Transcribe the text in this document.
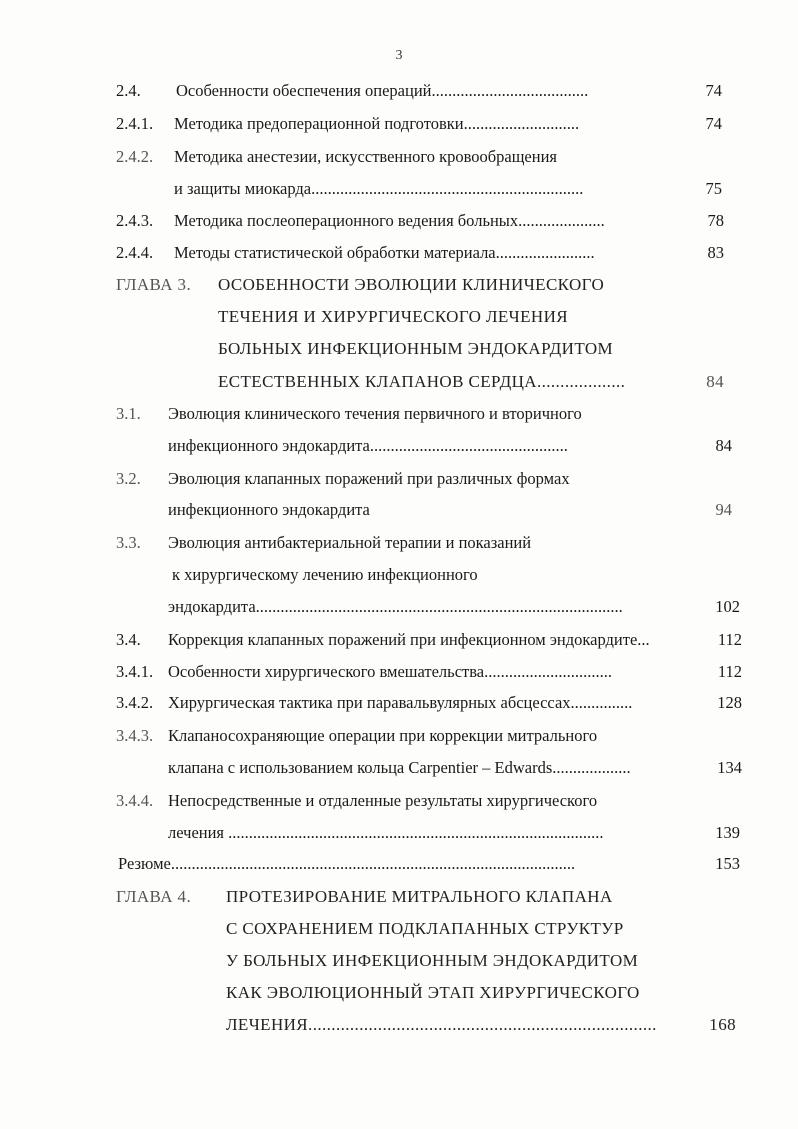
3
2.4. Особенности обеспечения операций......................................	74
2.4.1. Методика предоперационной подготовки............................	74
2.4.2. Методика анестезии, искусственного кровообращения
и защиты миокарда..................................................................	75
2.4.3. Методика послеоперационного ведения больных.....................	78
2.4.4. Методы статистической обработки материала........................	83
ГЛАВА 3. ОСОБЕННОСТИ ЭВОЛЮЦИИ КЛИНИЧЕСКОГО
ТЕЧЕНИЯ И ХИРУРГИЧЕСКОГО ЛЕЧЕНИЯ
БОЛЬНЫХ ИНФЕКЦИОННЫМ ЭНДОКАРДИТОМ
ЕСТЕСТВЕННЫХ КЛАПАНОВ СЕРДЦА...................	84
3.1. Эволюция клинического течения первичного и вторичного
инфекционного эндокардита................................................	84
3.2. Эволюция клапанных поражений при различных формах
инфекционного эндокардита	94
3.3. Эволюция антибактериальной терапии и показаний
к хирургическому лечению инфекционного
эндокардита.........................................................................................	102
3.4. Коррекция клапанных поражений при инфекционном эндокардите...	112
3.4.1. Особенности хирургического вмешательства...............................	112
3.4.2. Хирургическая тактика при паравальвулярных абсцессах...............	128
3.4.3. Клапаносохраняющие операции при коррекции митрального
клапана с использованием кольца Carpentier – Edwards...................	134
3.4.4. Непосредственные и отдаленные результаты хирургического
лечения ...........................................................................................	139
Резюме..................................................................................................	153
ГЛАВА 4. ПРОТЕЗИРОВАНИЕ МИТРАЛЬНОГО КЛАПАНА
С СОХРАНЕНИЕМ ПОДКЛАПАННЫХ СТРУКТУР
У БОЛЬНЫХ ИНФЕКЦИОННЫМ ЭНДОКАРДИТОМ
КАК ЭВОЛЮЦИОННЫЙ ЭТАП ХИРУРГИЧЕСКОГО
ЛЕЧЕНИЯ...........................................................................	168
